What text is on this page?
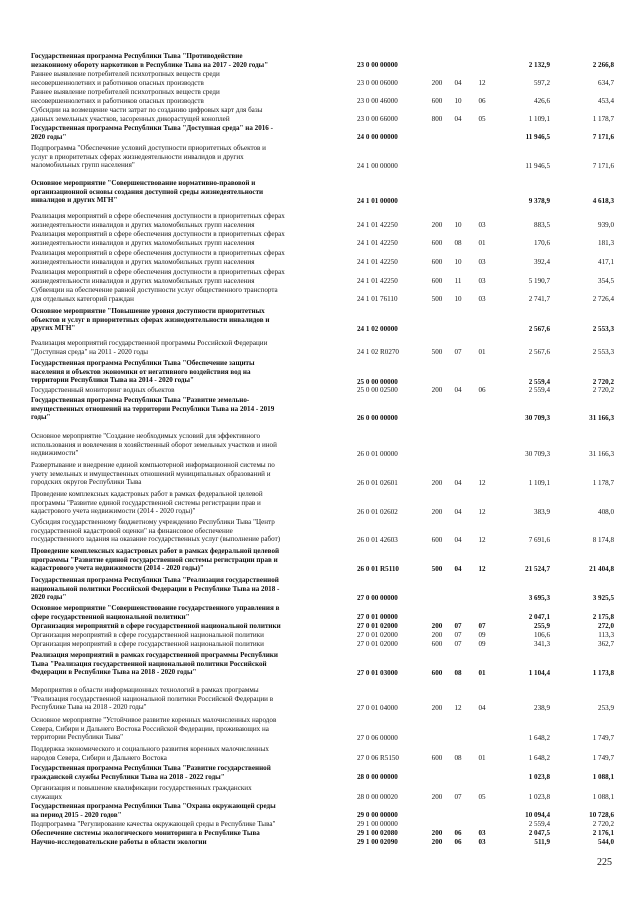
Государственная программа Республики Тыва "Противодействие
незаконному обороту наркотиков в Республике Тыва на 2017 - 2020 годы"	23 0 00 00000	2 132,9	2 266,8
Раннее выявление потребителей психотропных веществ среди
несовершеннолетних и работников опасных производств	23 0 00 06000	200	04	12	597,2	634,7
Раннее выявление потребителей психотропных веществ среди
несовершеннолетних и работников опасных производств	23 0 00 46000	600	10	06	426,6	453,4
Субсидии на возмещение части затрат по созданию цифровых карт для базы
данных земельных участков, засоренных дикорастущей коноплей	23 0 00 66000	800	04	05	1 109,1	1 178,7
Государственная программа Республики Тыва "Доступная среда" на 2016 -
2020 годы"	24 0 00 00000	11 946,5	7 171,6
Подпрограмма "Обеспечение условий доступности приоритетных объектов и
услуг в приоритетных сферах жизнедеятельности инвалидов и других
маломобильных групп населения"	24 1 00 00000	11 946,5	7 171,6
Основное мероприятие "Совершенствование нормативно-правовой и
организационной основы создания доступной среды жизнедеятельности
инвалидов и других МГН"	24 1 01 00000	9 378,9	4 618,3
Реализация мероприятий в сфере обеспечения доступности в приоритетных сферах
жизнедеятельности инвалидов и других маломобильных групп населения	24 1 01 42250	200	10	03	883,5	939,0
Реализация мероприятий в сфере обеспечения доступности в приоритетных сферах
жизнедеятельности инвалидов и других маломобильных групп населения	24 1 01 42250	600	08	01	170,6	181,3
Реализация мероприятий в сфере обеспечения доступности в приоритетных сферах
жизнедеятельности инвалидов и других маломобильных групп населения	24 1 01 42250	600	10	03	392,4	417,1
Реализация мероприятий в сфере обеспечения доступности в приоритетных сферах
жизнедеятельности инвалидов и других маломобильных групп населения	24 1 01 42250	600	11	03	5 190,7	354,5
Субвенции на обеспечение равной доступности услуг общественного транспорта
для отдельных категорий граждан	24 1 01 76110	500	10	03	2 741,7	2 726,4
Основное мероприятие "Повышение уровня доступности приоритетных
объектов и услуг в приоритетных сферах жизнедеятельности инвалидов и
других МГН"	24 1 02 00000	2 567,6	2 553,3
Реализация мероприятий государственной программы Российской Федерации
"Доступная среда" на 2011 - 2020 годы	24 1 02 R0270	500	07	01	2 567,6	2 553,3
Государственная программа Республики Тыва "Обеспечение защиты
населения и объектов экономики от негативного воздействия вод на
территории Республики Тыва на 2014 - 2020 годы"	25 0 00 00000	2 559,4	2 720,2
Государственный мониторинг водных объектов	25 0 00 02500	200	04	06	2 559,4	2 720,2
Государственная программа Республики Тыва "Развитие земельно-
имущественных отношений на территории Республики Тыва на 2014 - 2019
годы"	26 0 00 00000	30 709,3	31 166,3
Основное мероприятие "Создание необходимых условий для эффективного
использования и вовлечения в хозяйственный оборот земельных участков и иной
недвижимости"	26 0 01 00000	30 709,3	31 166,3
Развертывание и внедрение единой компьютерной информационной системы по
учету земельных и имущественных отношений муниципальных образований и
городских округов Республики Тыва	26 0 01 02601	200	04	12	1 109,1	1 178,7
Проведение комплексных кадастровых работ в рамках федеральной целевой
программы "Развитие единой государственной системы регистрации прав и
кадастрового учета недвижимости (2014 - 2020 годы)"	26 0 01 02602	200	04	12	383,9	408,0
Субсидия государственному бюджетному учреждению Республики Тыва "Центр
государственной кадастровой оценки" на финансовое обеспечение
государственного задания на оказание государственных услуг (выполнение работ)	26 0 01 42603	600	04	12	7 691,6	8 174,8
Проведение комплексных кадастровых работ в рамках федеральной целевой
программы "Развитие единой государственной системы регистрации прав и
кадастрового учета недвижимости (2014 - 2020 годы)"	26 0 01 R5110	500	04	12	21 524,7	21 404,8
Государственная программа Республики Тыва "Реализация государственной
национальной политики Российской Федерации в Республике Тыва на 2018 -
2020 годы"	27 0 00 00000	3 695,3	3 925,5
Основное мероприятие "Совершенствование государственного управления в
сфере государственной национальной политики"	27 0 01 00000	2 047,1	2 175,8
Организация мероприятий в сфере государственной национальной политики	27 0 01 02000	200	07	07	255,9	272,0
Организация мероприятий в сфере государственной национальной политики	27 0 01 02000	200	07	09	106,6	113,3
Организация мероприятий в сфере государственной национальной политики	27 0 01 02000	600	07	09	341,3	362,7
Реализация мероприятий в рамках государственной программы Республики
Тыва "Реализация государственной национальной политики Российской
Федерации в Республике Тыва на 2018 - 2020 годы"	27 0 01 03000	600	08	01	1 104,4	1 173,8
Мероприятия в области информационных технологий в рамках программы
"Реализация государственной национальной политики Российской Федерации в
Республике Тыва на 2018 - 2020 годы"	27 0 01 04000	200	12	04	238,9	253,9
Основное мероприятие "Устойчивое развитие коренных малочисленных народов
Севера, Сибири и Дальнего Востока Российской Федерации, проживающих на
территории Республики Тыва"	27 0 06 00000	1 648,2	1 749,7
Поддержка экономического и социального развития коренных малочисленных
народов Севера, Сибири и Дальнего Востока	27 0 06 R5150	600	08	01	1 648,2	1 749,7
Государственная программа Республики Тыва "Развитие государственной
гражданской службы Республики Тыва на 2018 - 2022 годы"	28 0 00 00000	1 023,8	1 088,1
Организация и повышение квалификации государственных гражданских
служащих	28 0 00 00020	200	07	05	1 023,8	1 088,1
Государственная программа Республики Тыва "Охрана окружающей среды
на период 2015 - 2020 годов"	29 0 00 00000	10 094,4	10 728,6
Подпрограмма "Регулирование качества окружающей среды в Республике Тыва"	29 1 00 00000	2 559,4	2 720,2
Обеспечение системы экологического мониторинга в Республике Тыва	29 1 00 02080	200	06	03	2 047,5	2 176,1
Научно-исследовательские работы в области экологии	29 1 00 02090	200	06	03	511,9	544,0
225
